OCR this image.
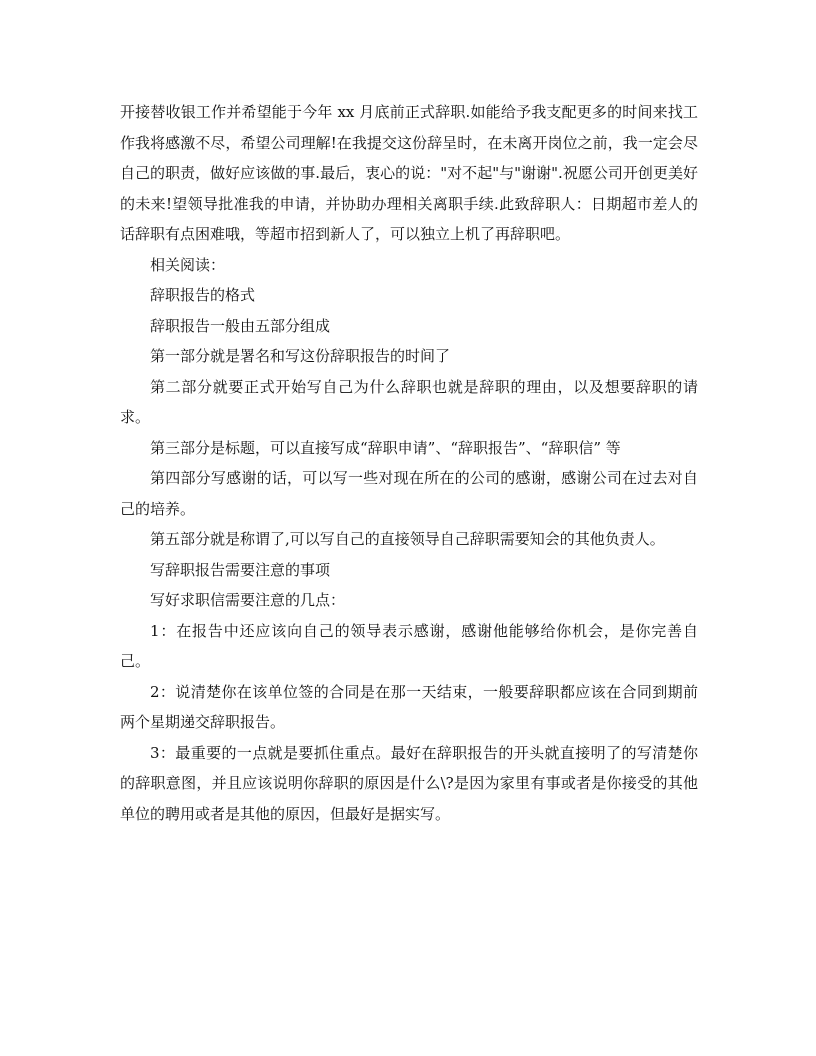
开接替收银工作并希望能于今年 xx 月底前正式辞职.如能给予我支配更多的时间来找工作我将感激不尽，希望公司理解!在我提交这份辞呈时，在未离开岗位之前，我一定会尽自己的职责，做好应该做的事.最后，衷心的说："对不起"与"谢谢".祝愿公司开创更美好的未来!望领导批准我的申请，并协助办理相关离职手续.此致辞职人：日期超市差人的话辞职有点困难哦，等超市招到新人了，可以独立上机了再辞职吧。

相关阅读：

辞职报告的格式

辞职报告一般由五部分组成

第一部分就是署名和写这份辞职报告的时间了

第二部分就要正式开始写自己为什么辞职也就是辞职的理由，以及想要辞职的请求。

第三部分是标题，可以直接写成“辞职申请”、“辞职报告”、“辞职信” 等

第四部分写感谢的话，可以写一些对现在所在的公司的感谢，感谢公司在过去对自己的培养。

第五部分就是称谓了,可以写自己的直接领导自己辞职需要知会的其他负责人。

写辞职报告需要注意的事项

写好求职信需要注意的几点：

1：在报告中还应该向自己的领导表示感谢，感谢他能够给你机会，是你完善自己。

2：说清楚你在该单位签的合同是在那一天结束，一般要辞职都应该在合同到期前两个星期递交辞职报告。

3：最重要的一点就是要抓住重点。最好在辞职报告的开头就直接明了的写清楚你的辞职意图，并且应该说明你辞职的原因是什么\?是因为家里有事或者是你接受的其他单位的聘用或者是其他的原因，但最好是据实写。
